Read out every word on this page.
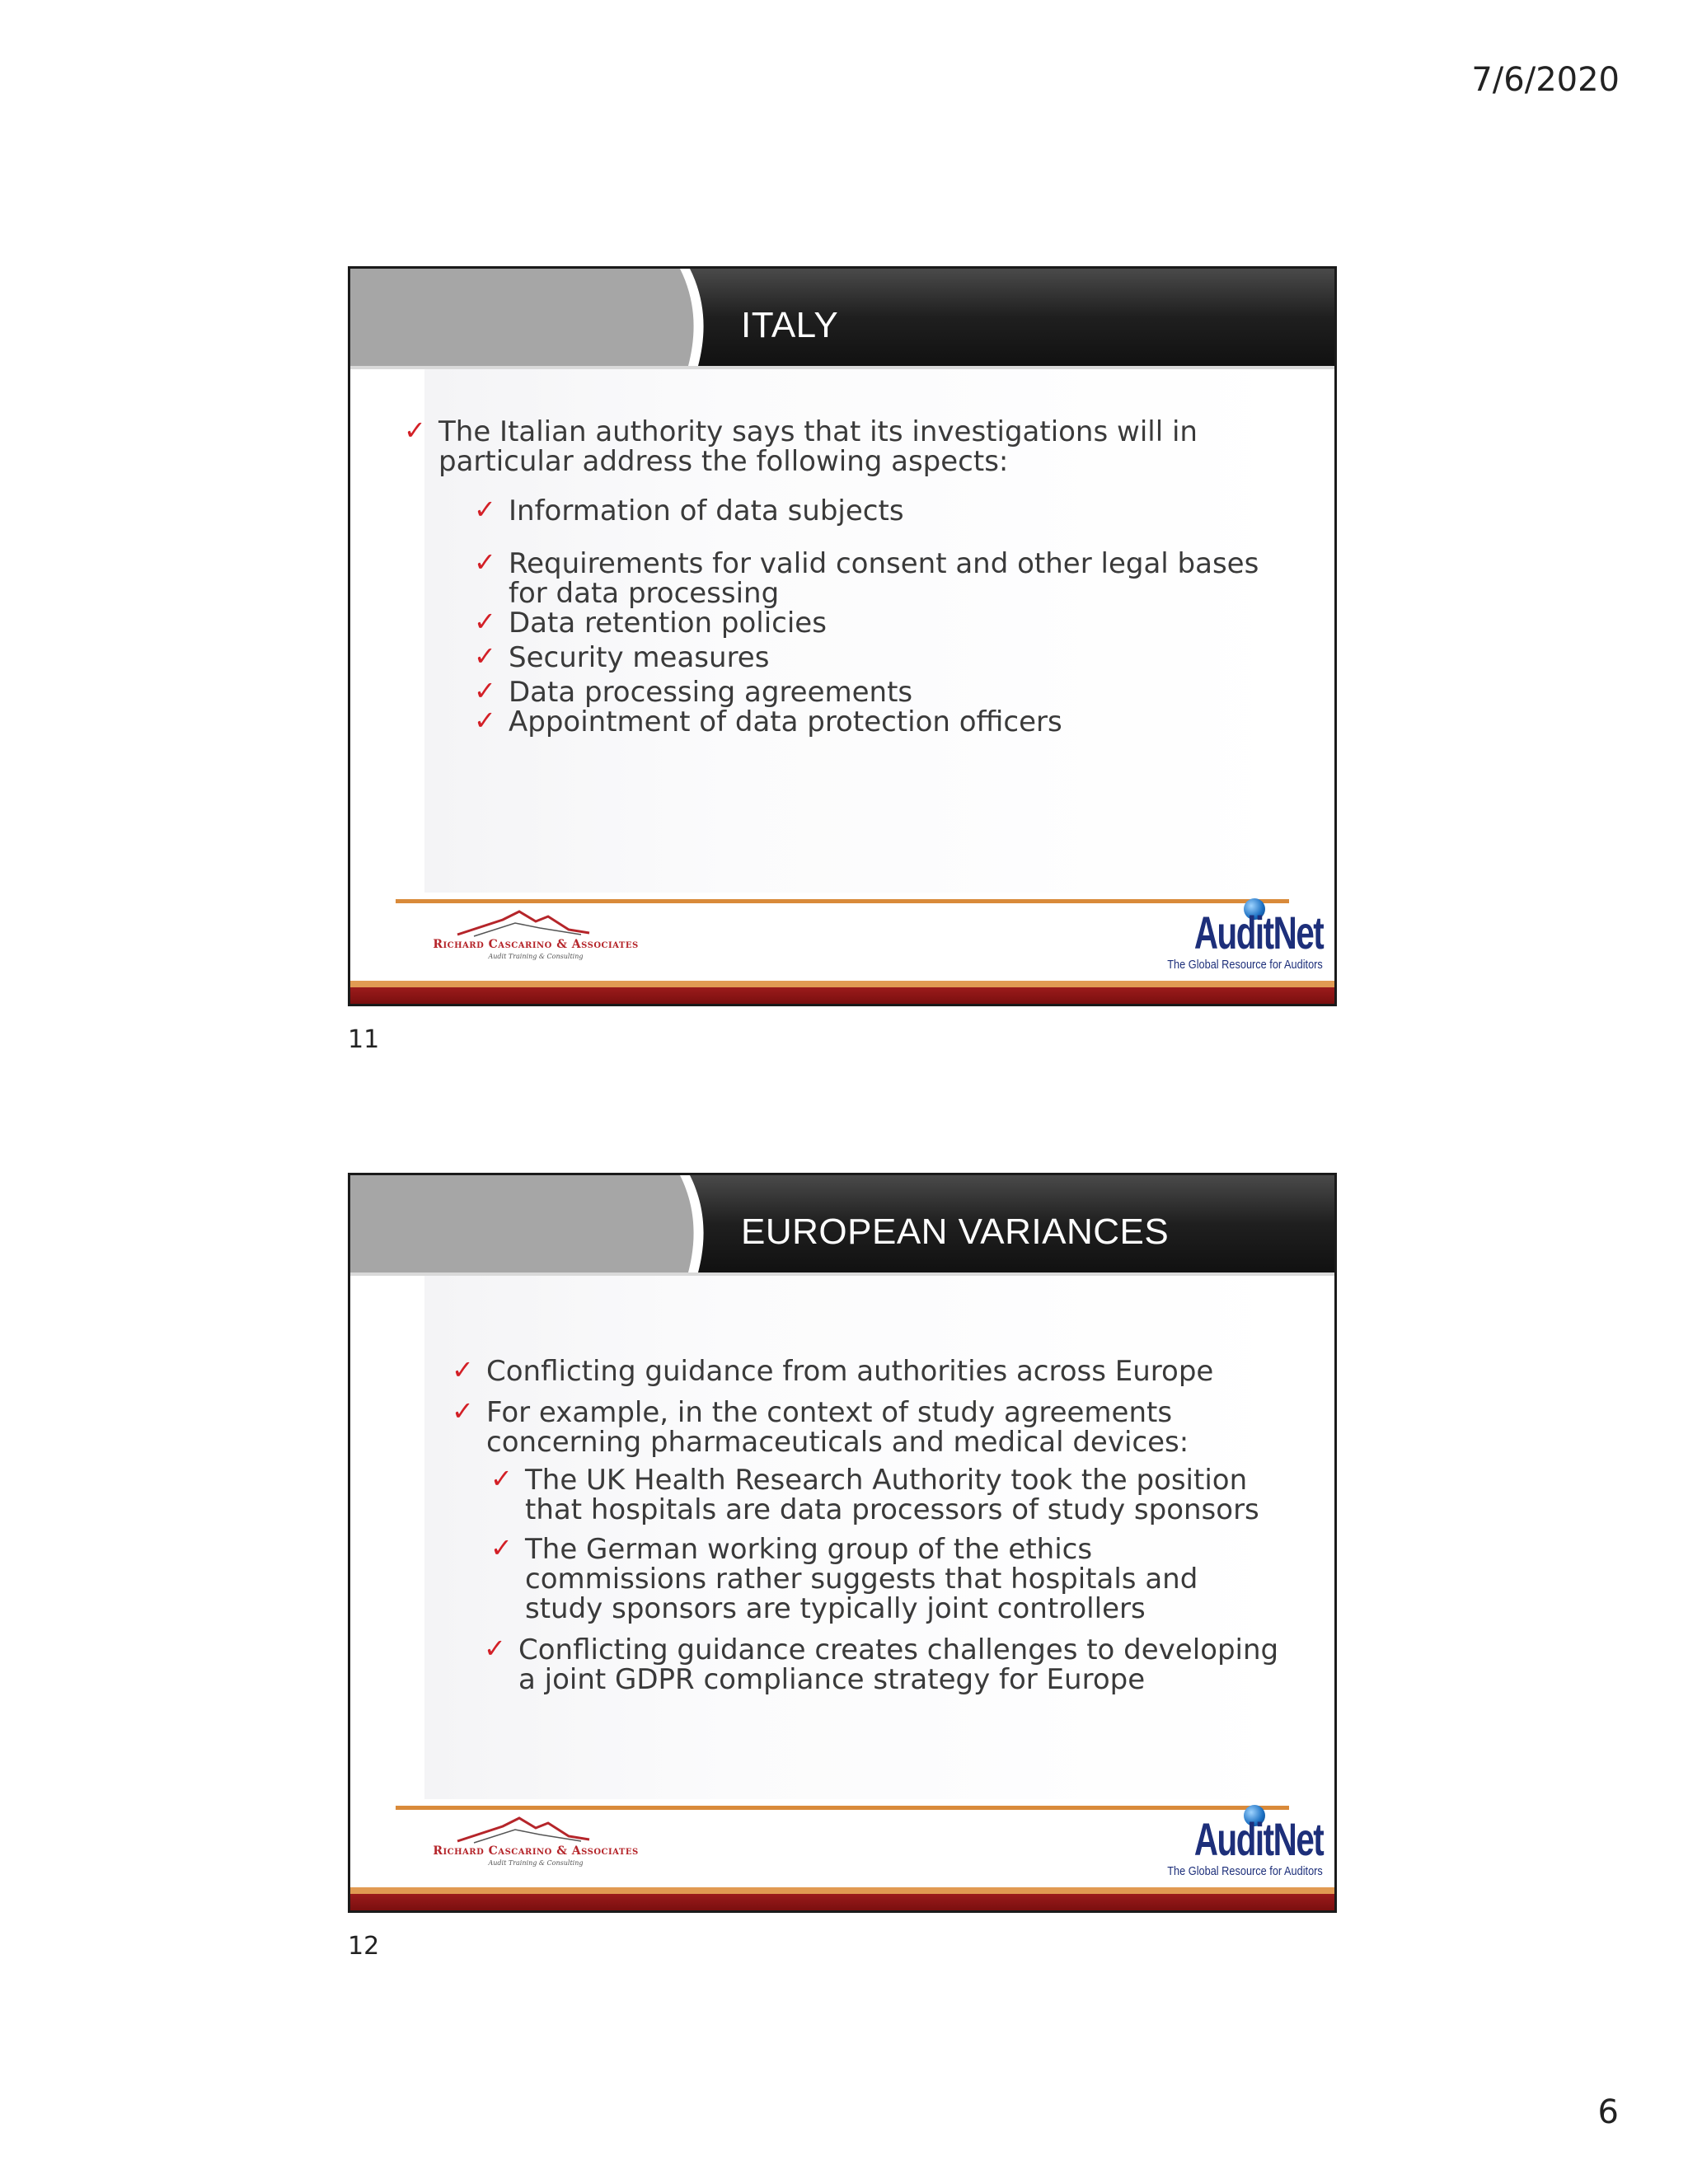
7/6/2020
ITALY
✓ The Italian authority says that its investigations will in particular address the following aspects:
✓ Information of data subjects
✓ Requirements for valid consent and other legal bases for data processing
✓ Data retention policies
✓ Security measures
✓ Data processing agreements
✓ Appointment of data protection officers
Richard Cascarino & Associates
Audit Training & Consulting	AuditNet
The Global Resource for Auditors
11
EUROPEAN VARIANCES
✓ Conflicting guidance from authorities across Europe
✓ For example, in the context of study agreements concerning pharmaceuticals and medical devices:
✓ The UK Health Research Authority took the position that hospitals are data processors of study sponsors
✓ The German working group of the ethics commissions rather suggests that hospitals and study sponsors are typically joint controllers
✓ Conflicting guidance creates challenges to developing a joint GDPR compliance strategy for Europe
Richard Cascarino & Associates
Audit Training & Consulting	AuditNet
The Global Resource for Auditors
12
6
